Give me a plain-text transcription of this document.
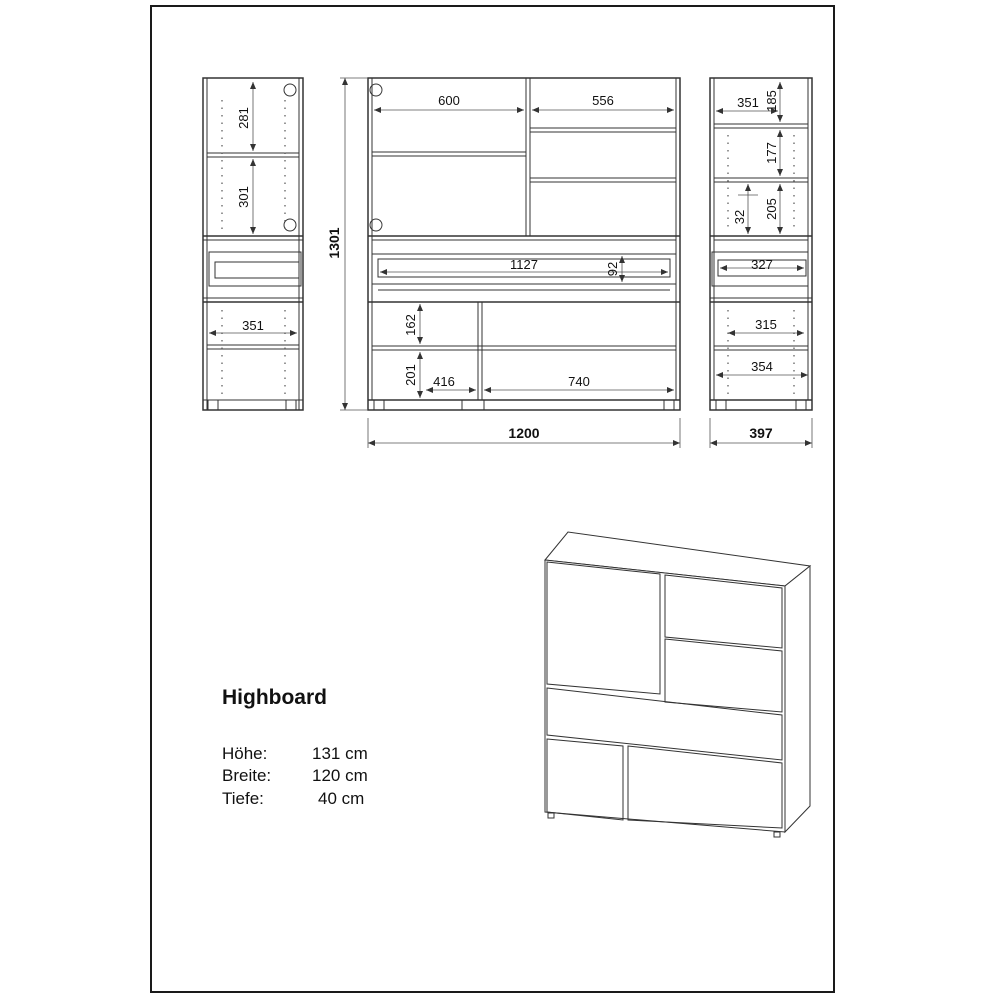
281
301
351
1301
1200
600	556
1127	92
162
201 416	740
351 185
177
205
32
327
315
354
397
Highboard
Höhe:	131 cm
Breite: 120 cm
Tiefe:	40 cm
